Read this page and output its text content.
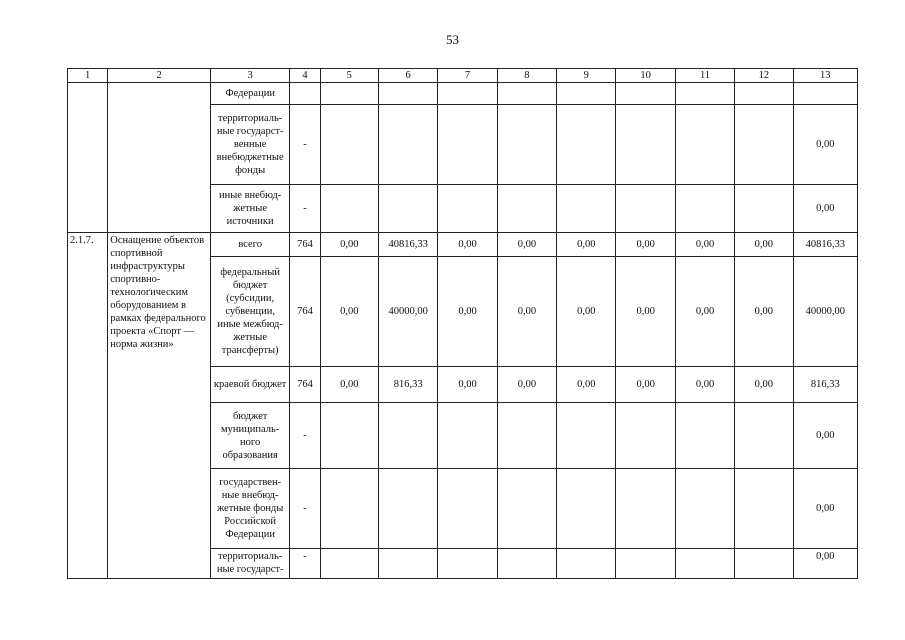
53
1	2	3	4	5	6	7	8	9	10	11	12	13
		Федерации										
		территориаль-ные государст-венные внебюджетные фонды	-									0,00
		иные внебюд-жетные источники	-									0,00
2.1.7.	Оснащение объектов спортивной инфраструктуры спортивно-технологическим оборудованием в рамках федерального проекта «Спорт — норма жизни»	всего	764	0,00	40816,33	0,00	0,00	0,00	0,00	0,00	0,00	40816,33
		федеральный бюджет (субсидии, субвенции, иные межбюд-жетные трансферты)	764	0,00	40000,00	0,00	0,00	0,00	0,00	0,00	0,00	40000,00
		краевой бюджет	764	0,00	816,33	0,00	0,00	0,00	0,00	0,00	0,00	816,33
		бюджет муниципаль-ного образования	-									0,00
		государствен-ные внебюд-жетные фонды Российской Федерации	-									0,00
		территориаль-ные государст-	-									0,00
